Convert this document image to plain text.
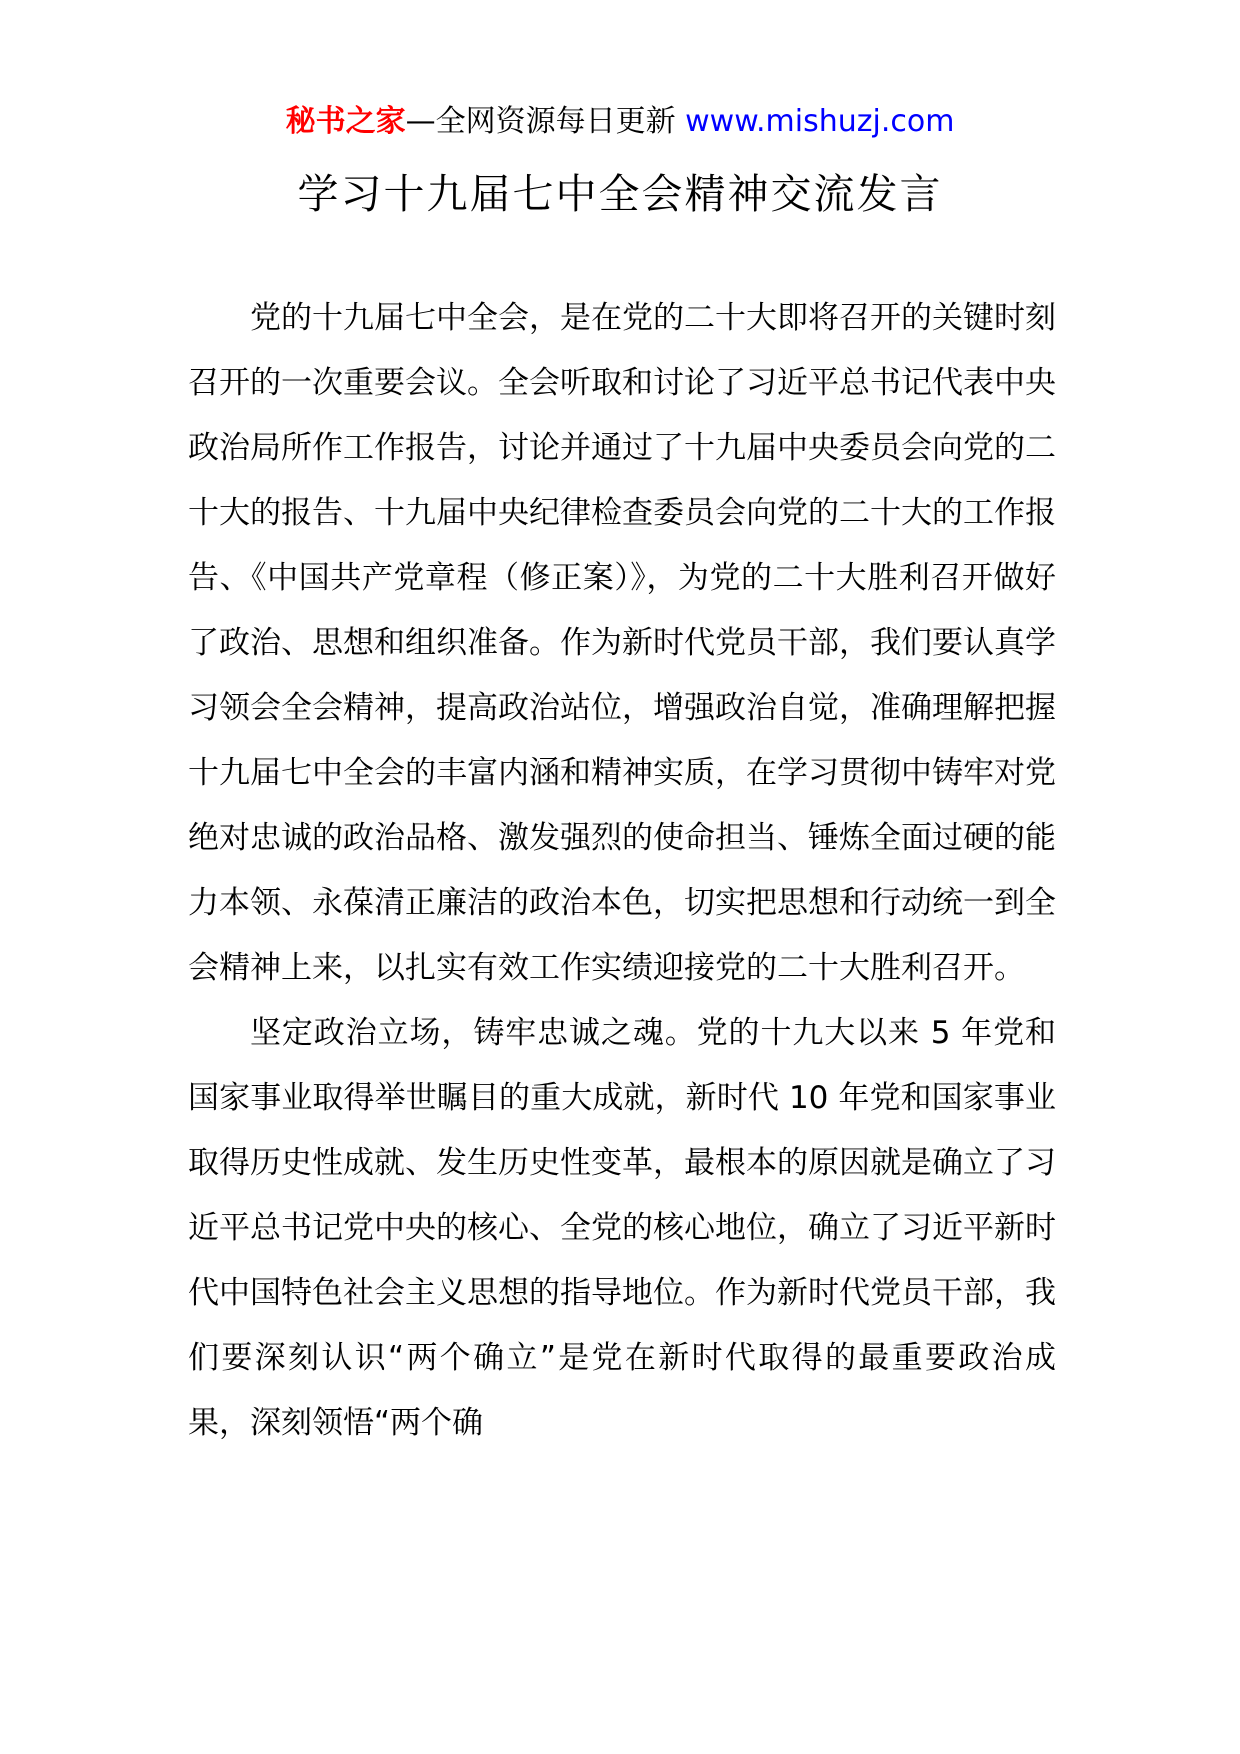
秘书之家—全网资源每日更新 www.mishuzj.com
学习十九届七中全会精神交流发言

党的十九届七中全会，是在党的二十大即将召开的关键时刻召开的一次重要会议。全会听取和讨论了习近平总书记代表中央政治局所作工作报告，讨论并通过了十九届中央委员会向党的二十大的报告、十九届中央纪律检查委员会向党的二十大的工作报告、《中国共产党章程（修正案）》，为党的二十大胜利召开做好了政治、思想和组织准备。作为新时代党员干部，我们要认真学习领会全会精神，提高政治站位，增强政治自觉，准确理解把握十九届七中全会的丰富内涵和精神实质，在学习贯彻中铸牢对党绝对忠诚的政治品格、激发强烈的使命担当、锤炼全面过硬的能力本领、永葆清正廉洁的政治本色，切实把思想和行动统一到全会精神上来，以扎实有效工作实绩迎接党的二十大胜利召开。

坚定政治立场，铸牢忠诚之魂。党的十九大以来 5 年党和国家事业取得举世瞩目的重大成就，新时代 10 年党和国家事业取得历史性成就、发生历史性变革，最根本的原因就是确立了习近平总书记党中央的核心、全党的核心地位，确立了习近平新时代中国特色社会主义思想的指导地位。作为新时代党员干部，我们要深刻认识“两个确立”是党在新时代取得的最重要政治成果，深刻领悟“两个确
